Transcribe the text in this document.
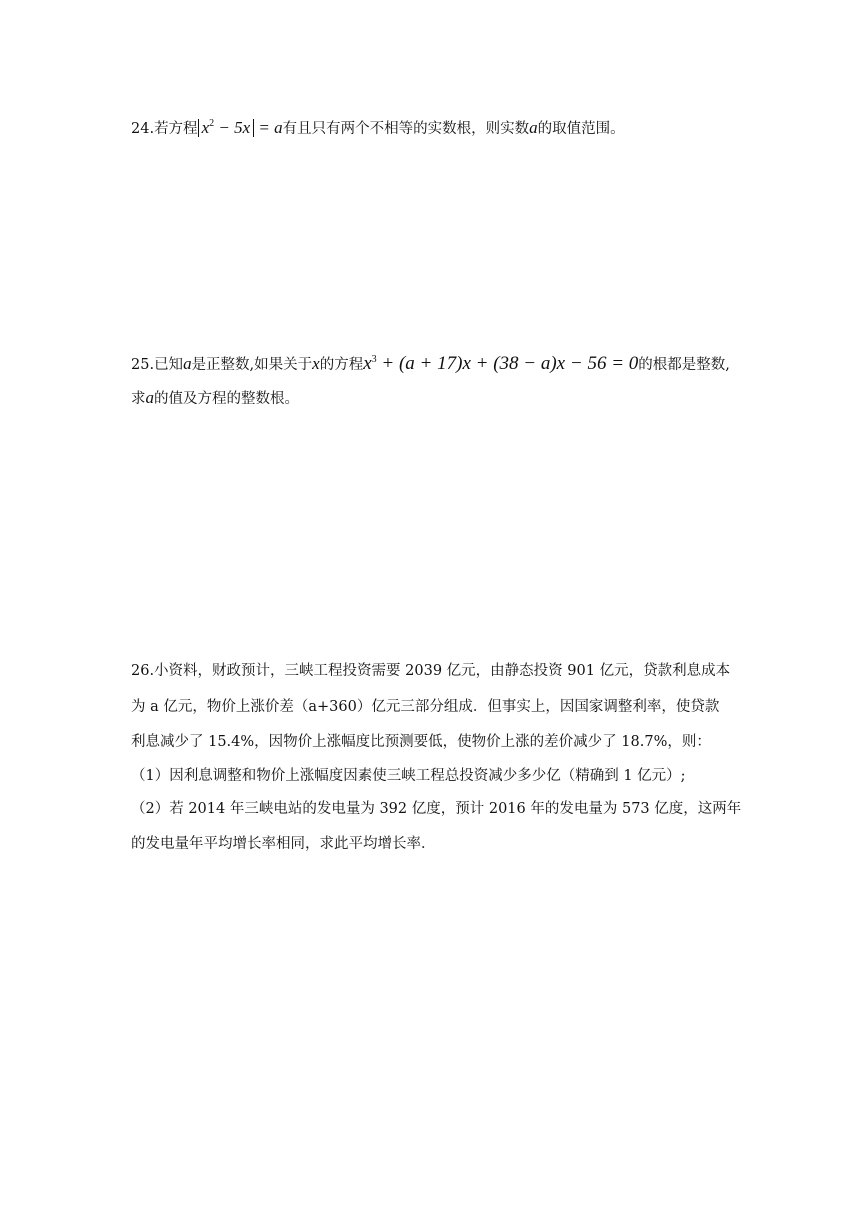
24.若方程 $x^2 - 5x = a$有且只有两个不相等的实数根，则实数a的取值范围。
25.已知a是正整数,如果关于x的方程$x^3 + (a + 17)x + (38 - a)x - 56 = 0$的根都是整数,
求a的值及方程的整数根。
26.小资料，财政预计，三峡工程投资需要 2039 亿元，由静态投资 901 亿元，贷款利息成本
为 a 亿元，物价上涨价差（a+360）亿元三部分组成．但事实上，因国家调整利率，使贷款
利息减少了 15.4%，因物价上涨幅度比预测要低，使物价上涨的差价减少了 18.7%，则：
（1）因利息调整和物价上涨幅度因素使三峡工程总投资减少多少亿（精确到 1 亿元）;
（2）若 2014 年三峡电站的发电量为 392 亿度，预计 2016 年的发电量为 573 亿度，这两年
的发电量年平均增长率相同，求此平均增长率．
